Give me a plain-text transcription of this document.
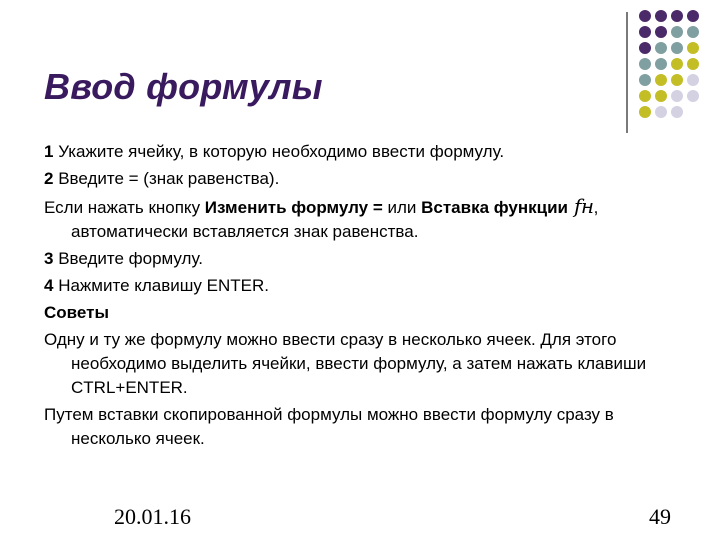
Ввод формулы

1 Укажите ячейку, в которую необходимо ввести формулу.

2 Введите = (знак равенства).

Если нажать кнопку Изменить формулу = или Вставка функции fн, автоматически вставляется знак равенства.

3 Введите формулу.

4 Нажмите клавишу ENTER.

Советы

Одну и ту же формулу можно ввести сразу в несколько ячеек. Для этого необходимо выделить ячейки, ввести формулу, а затем нажать клавиши CTRL+ENTER.

Путем вставки скопированной формулы можно ввести формулу сразу в несколько ячеек.

20.01.16	49
